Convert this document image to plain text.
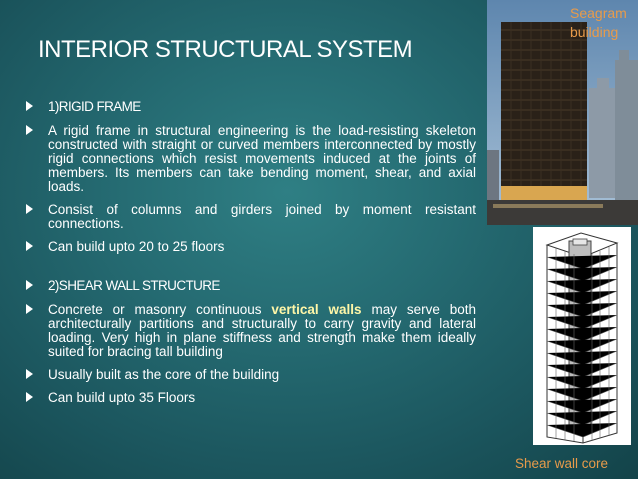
INTERIOR STRUCTURAL SYSTEM
1)RIGID FRAME
A rigid frame in structural engineering is the load-resisting skeleton constructed with straight or curved members interconnected by mostly rigid connections which resist movements induced at the joints of members. Its members can take bending moment, shear, and axial loads.
Consist of columns and girders joined by moment resistant connections.
Can build upto 20 to 25 floors
2)SHEAR WALL STRUCTURE
Concrete or masonry continuous vertical walls may serve both architecturally partitions and structurally to carry gravity and lateral loading. Very high in plane stiffness and strength make them ideally suited for bracing tall building
Usually built as the core of the building
Can build upto 35 Floors
Seagram building
Shear wall core
